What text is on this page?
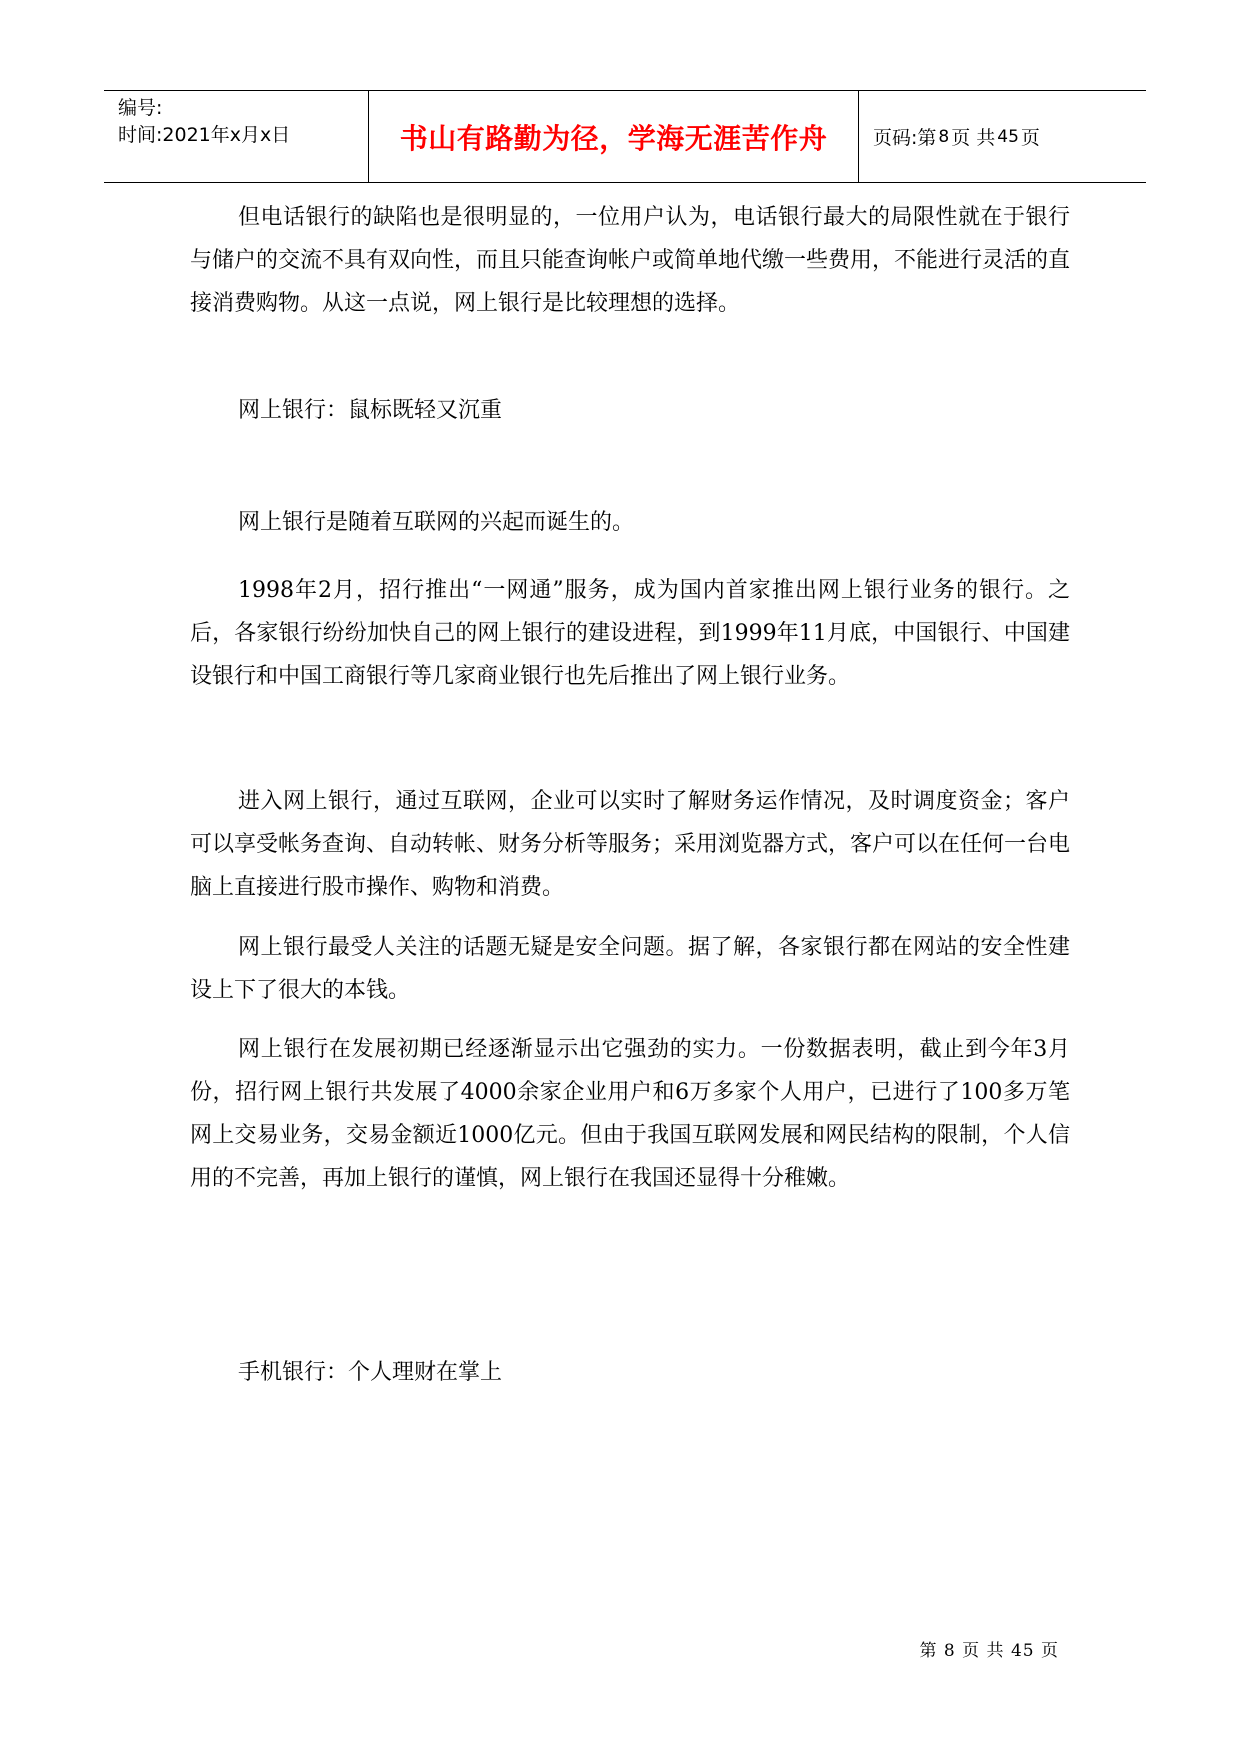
编号:
时间:2021年x月x日	书山有路勤为径，学海无涯苦作舟 页码:第 8 页 共 45 页

但电话银行的缺陷也是很明显的，一位用户认为，电话银行最大的局限性就在于银行与储户的交流不具有双向性，而且只能查询帐户或简单地代缴一些费用，不能进行灵活的直接消费购物。从这一点说，网上银行是比较理想的选择。

网上银行：鼠标既轻又沉重

网上银行是随着互联网的兴起而诞生的。

1998年2月，招行推出“一网通”服务，成为国内首家推出网上银行业务的银行。之后，各家银行纷纷加快自己的网上银行的建设进程，到1999年11月底，中国银行、中国建设银行和中国工商银行等几家商业银行也先后推出了网上银行业务。

进入网上银行，通过互联网，企业可以实时了解财务运作情况，及时调度资金；客户可以享受帐务查询、自动转帐、财务分析等服务；采用浏览器方式，客户可以在任何一台电脑上直接进行股市操作、购物和消费。

网上银行最受人关注的话题无疑是安全问题。据了解，各家银行都在网站的安全性建设上下了很大的本钱。

网上银行在发展初期已经逐渐显示出它强劲的实力。一份数据表明，截止到今年3月份，招行网上银行共发展了4000余家企业用户和6万多家个人用户，已进行了100多万笔网上交易业务，交易金额近1000亿元。但由于我国互联网发展和网民结构的限制，个人信用的不完善，再加上银行的谨慎，网上银行在我国还显得十分稚嫩。

手机银行：个人理财在掌上

第 8 页 共 45 页
